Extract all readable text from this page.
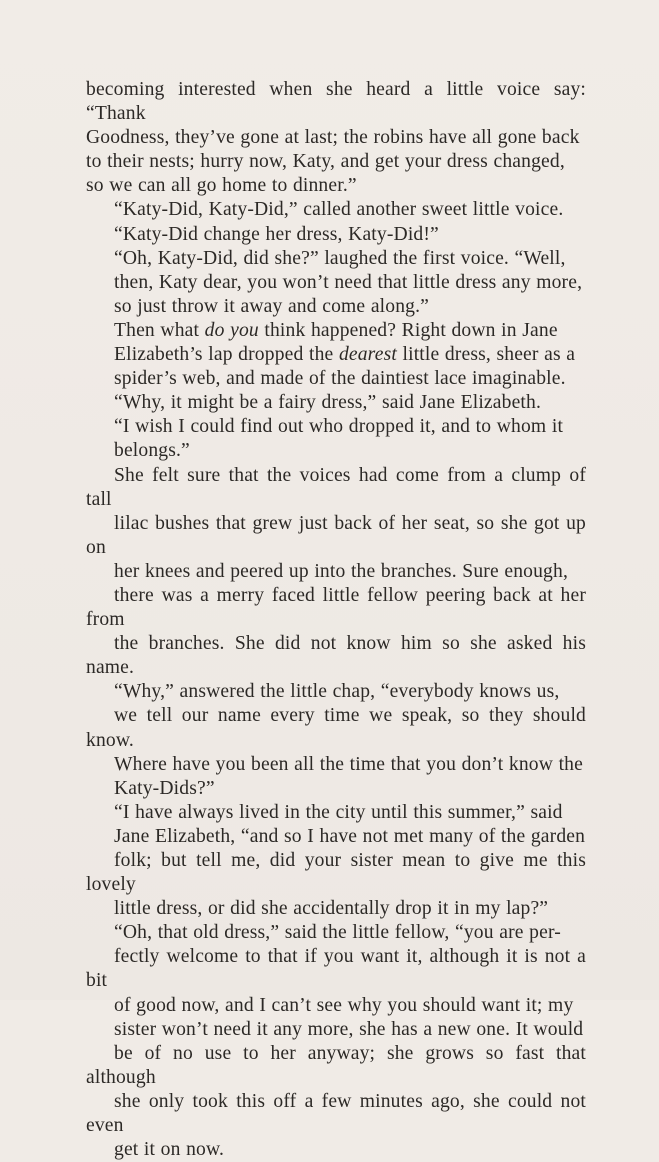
becoming interested when she heard a little voice say: “Thank
Goodness, they’ve gone at last; the robins have all gone back
to their nests; hurry now, Katy, and get your dress changed,
so we can all go home to dinner.”

“Katy-Did, Katy-Did,” called another sweet little voice.
“Katy-Did change her dress, Katy-Did!”

“Oh, Katy-Did, did she?” laughed the first voice. “Well,
then, Katy dear, you won’t need that little dress any more,
so just throw it away and come along.”

Then what do you think happened? Right down in Jane
Elizabeth’s lap dropped the dearest little dress, sheer as a
spider’s web, and made of the daintiest lace imaginable.

“Why, it might be a fairy dress,” said Jane Elizabeth.
“I wish I could find out who dropped it, and to whom it
belongs.”

She felt sure that the voices had come from a clump of tall
lilac bushes that grew just back of her seat, so she got up on
her knees and peered up into the branches. Sure enough,
there was a merry faced little fellow peering back at her from
the branches. She did not know him so she asked his name.

“Why,” answered the little chap, “everybody knows us,
we tell our name every time we speak, so they should know.
Where have you been all the time that you don’t know the
Katy-Dids?”

“I have always lived in the city until this summer,” said
Jane Elizabeth, “and so I have not met many of the garden
folk; but tell me, did your sister mean to give me this lovely
little dress, or did she accidentally drop it in my lap?”

“Oh, that old dress,” said the little fellow, “you are per-
fectly welcome to that if you want it, although it is not a bit
of good now, and I can’t see why you should want it; my
sister won’t need it any more, she has a new one. It would
be of no use to her anyway; she grows so fast that although
she only took this off a few minutes ago, she could not even
get it on now.
